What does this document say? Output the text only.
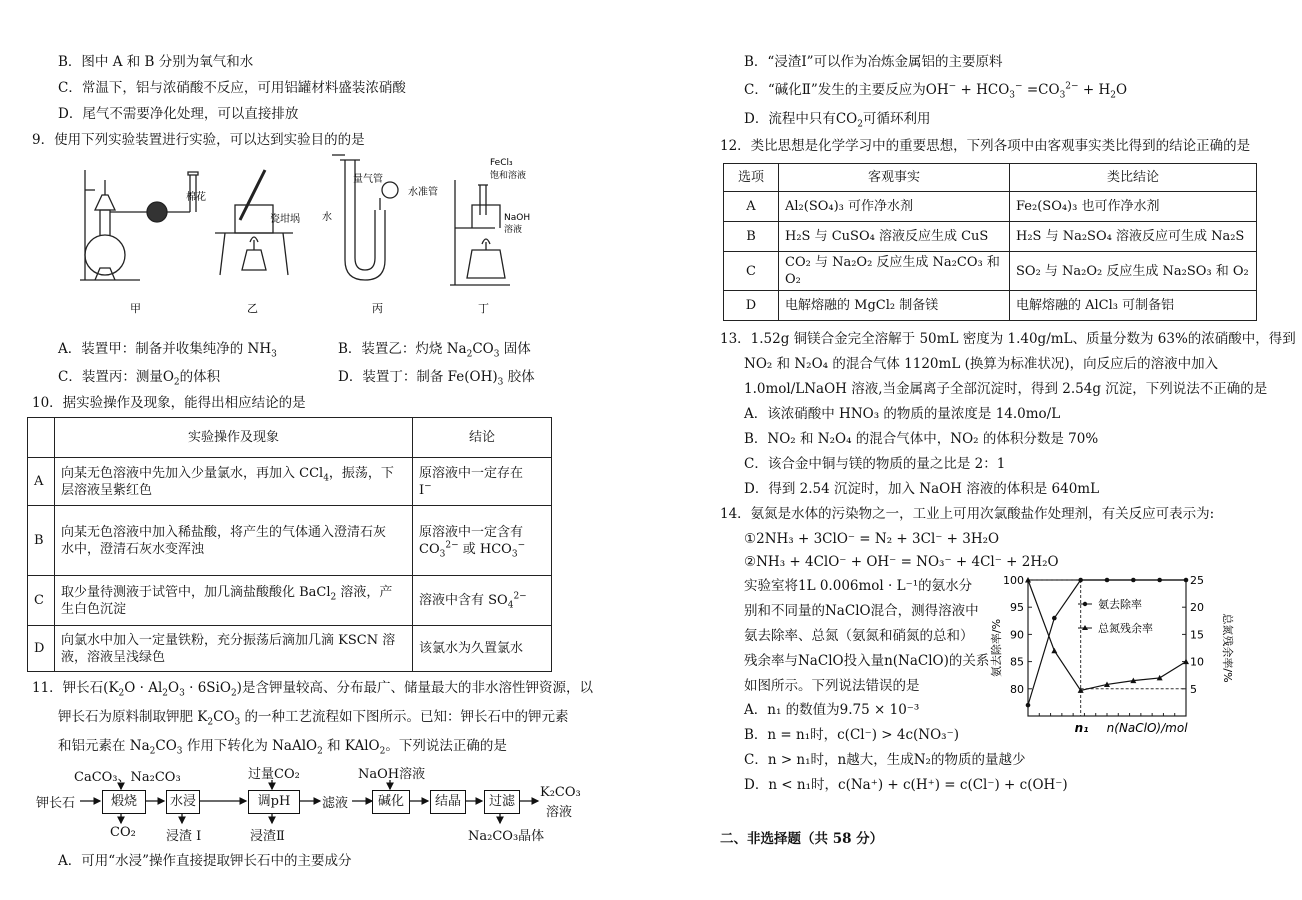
B．图中 A 和 B 分别为氧气和水
C．常温下，铝与浓硝酸不反应，可用铝罐材料盛装浓硝酸
D．尾气不需要净化处理，可以直接排放
9．使用下列实验装置进行实验，可以达到实验目的的是
棉花
瓷坩埚
量气管
水
水准管
FeCl₃
饱和溶液
NaOH
溶液
甲	乙	丙	丁
A．装置甲：制备并收集纯净的 $NH_3$	B．装置乙：灼烧 $Na_2CO_3$ 固体
C．装置丙：测量$O_2$的体积	D．装置丁：制备 $Fe(OH)_3$ 胶体
10．据实验操作及现象，能得出相应结论的是
	实验操作及现象	结论
A	向某无色溶液中先加入少量氯水，再加入 CCl$_4$，振荡，下
层溶液呈紫红色	原溶液中一定存在
I−
B	向某无色溶液中加入稀盐酸，将产生的气体通入澄清石灰
水中，澄清石灰水变浑浊	原溶液中一定含有
$CO_3^{2-}$ 或 $HCO_3^-$
C	取少量待测液于试管中，加几滴盐酸酸化 BaCl$_2$ 溶液，产
生白色沉淀	溶液中含有 $SO_4^{2-}$
D	向氯水中加入一定量铁粉，充分振荡后滴加几滴 KSCN 溶
液，溶液呈浅绿色	该氯水为久置氯水
11．钾长石$(K_2O \cdot Al_2O_3 \cdot 6SiO_2)$是含钾量较高、分布最广、储量最大的非水溶性钾资源，以
钾长石为原料制取钾肥 $K_2CO_3$ 的一种工艺流程如下图所示。已知：钾长石中的钾元素
和铝元素在 $Na_2CO_3$ 作用下转化为 NaAlO$_2$ 和 KAlO$_2$。下列说法正确的是
钾长石
CaCO₃、Na₂CO₃
煅烧
CO₂
水浸
浸渣 Ⅰ
过量CO₂
调pH
浸渣Ⅱ
滤液
NaOH溶液
碱化	结晶	过滤
Na₂CO₃晶体
K₂CO₃
溶液
A．可用“水浸”操作直接提取钾长石中的主要成分
B．“浸渣Ⅰ”可以作为冶炼金属铝的主要原料
C．“碱化Ⅱ”发生的主要反应为$OH^- + HCO_3^- =CO_3^{2-} + H_2O$
D．流程中只有$CO_2$可循环利用
12．类比思想是化学学习中的重要思想，下列各项中由客观事实类比得到的结论正确的是
选项	客观事实	类比结论
A	Al₂(SO₄)₃ 可作净水剂	Fe₂(SO₄)₃ 也可作净水剂
B	H₂S 与 CuSO₄ 溶液反应生成 CuS	H₂S 与 Na₂SO₄ 溶液反应可生成 Na₂S
C	CO₂ 与 Na₂O₂ 反应生成 Na₂CO₃ 和 O₂	SO₂ 与 Na₂O₂ 反应生成 Na₂SO₃ 和 O₂
D	电解熔融的 MgCl₂ 制备镁	电解熔融的 AlCl₃ 可制备铝
13．1.52g 铜镁合金完全溶解于 50mL 密度为 1.40g/mL、质量分数为 63%的浓硝酸中，得到
NO₂ 和 N₂O₄ 的混合气体 1120mL (换算为标准状况)，向反应后的溶液中加入
1.0mol/LNaOH 溶液,当金属离子全部沉淀时，得到 2.54g 沉淀，下列说法不正确的是
A．该浓硝酸中 HNO₃ 的物质的量浓度是 14.0mo/L
B．NO₂ 和 N₂O₄ 的混合气体中，NO₂ 的体积分数是 70%
C．该合金中铜与镁的物质的量之比是 2：1
D．得到 2.54 沉淀时，加入 NaOH 溶液的体积是 640mL
14．氨氮是水体的污染物之一，工业上可用次氯酸盐作处理剂，有关反应可表示为:
①2NH₃ + 3ClO⁻ = N₂ + 3Cl⁻ + 3H₂O
②NH₃ + 4ClO⁻ + OH⁻ = NO₃⁻ + 4Cl⁻ + 2H₂O
实验室将1L 0.006mol · L⁻¹的氨水分
别和不同量的NaClO混合，测得溶液中
氨去除率、总氮（氨氮和硝氮的总和）
残余率与NaClO投入量n(NaClO)的关系
如图所示。下列说法错误的是
A．n₁ 的数值为9.75 × 10⁻³
B．n = n₁时，c(Cl⁻) > 4c(NO₃⁻)
C．n > n₁时，n越大，生成N₂的物质的量越少
D．n < n₁时，c(Na⁺) + c(H⁺) = c(Cl⁻) + c(OH⁻)
80
85
90
95
100
5
10
15
20
25
n₁ n(NaClO)/mol
氨去除率/%	总氮残余率/%
氨去除率
总氮残余率
二、非选择题（共 58 分）
